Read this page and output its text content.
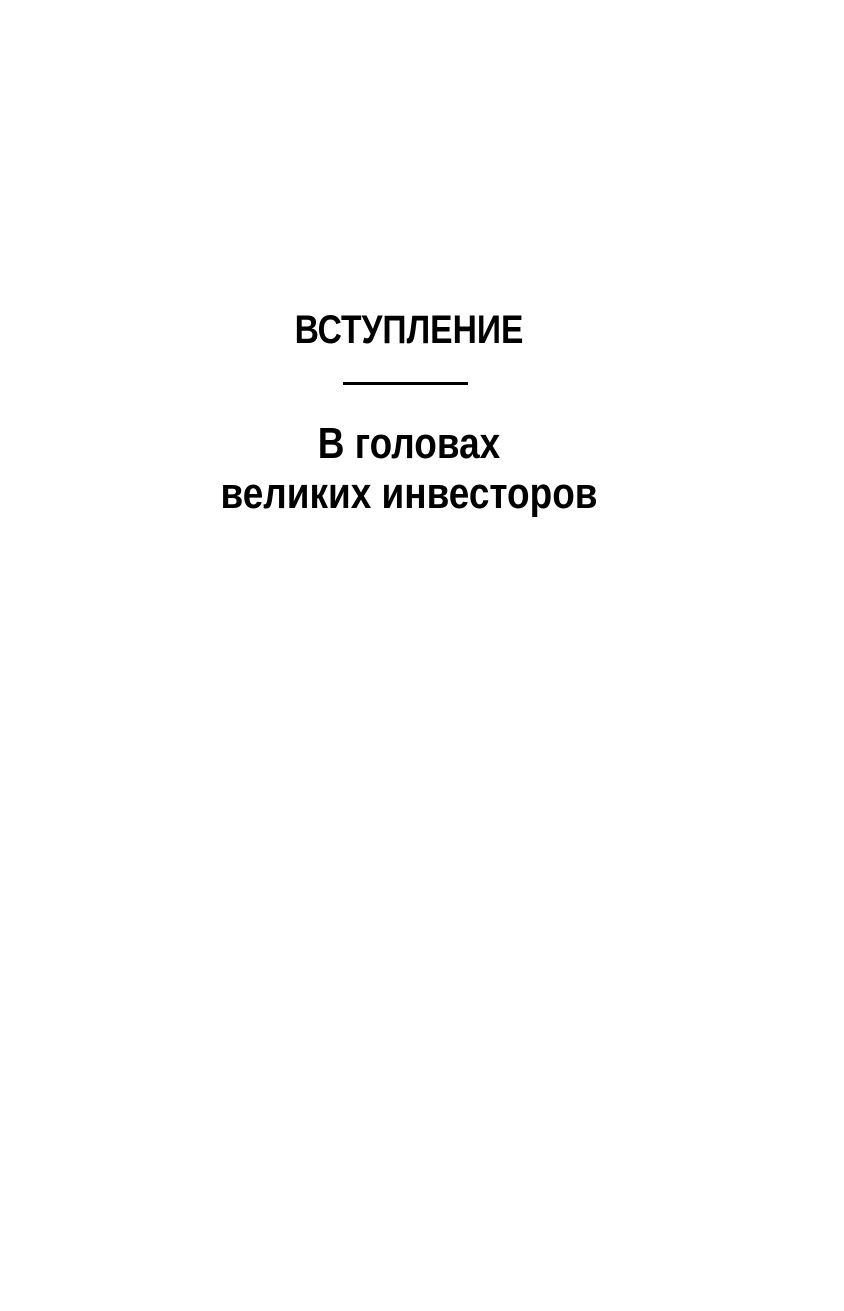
ВСТУПЛЕНИЕ
В головах
великих инвесторов
